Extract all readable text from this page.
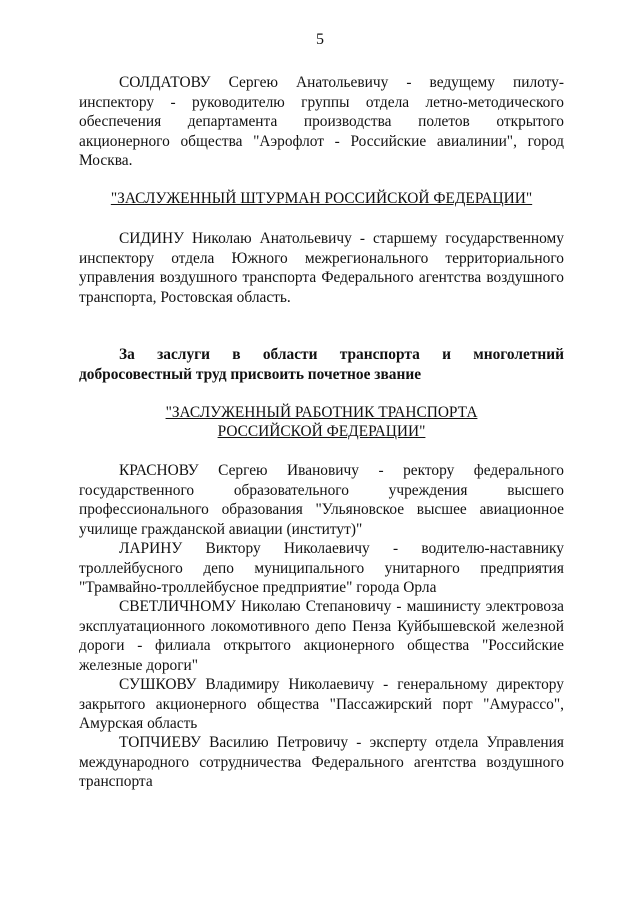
5

СОЛДАТОВУ Сергею Анатольевичу - ведущему пилоту-инспектору - руководителю группы отдела летно-методического обеспечения департамента производства полетов открытого акционерного общества "Аэрофлот - Российские авиалинии", город Москва.

"ЗАСЛУЖЕННЫЙ ШТУРМАН РОССИЙСКОЙ ФЕДЕРАЦИИ"

СИДИНУ Николаю Анатольевичу - старшему государственному инспектору отдела Южного межрегионального территориального управления воздушного транспорта Федерального агентства воздушного транспорта, Ростовская область.

За заслуги в области транспорта и многолетний добросовестный труд присвоить почетное звание

"ЗАСЛУЖЕННЫЙ РАБОТНИК ТРАНСПОРТА

РОССИЙСКОЙ ФЕДЕРАЦИИ"

КРАСНОВУ Сергею Ивановичу - ректору федерального государственного образовательного учреждения высшего профессионального образования "Ульяновское высшее авиационное училище гражданской авиации (институт)"

ЛАРИНУ Виктору Николаевичу - водителю-наставнику троллейбусного депо муниципального унитарного предприятия "Трамвайно-троллейбусное предприятие" города Орла

СВЕТЛИЧНОМУ Николаю Степановичу - машинисту электровоза эксплуатационного локомотивного депо Пенза Куйбышевской железной дороги - филиала открытого акционерного общества "Российские железные дороги"

СУШКОВУ Владимиру Николаевичу - генеральному директору закрытого акционерного общества "Пассажирский порт "Амурассо", Амурская область

ТОПЧИЕВУ Василию Петровичу - эксперту отдела Управления международного сотрудничества Федерального агентства воздушного транспорта
